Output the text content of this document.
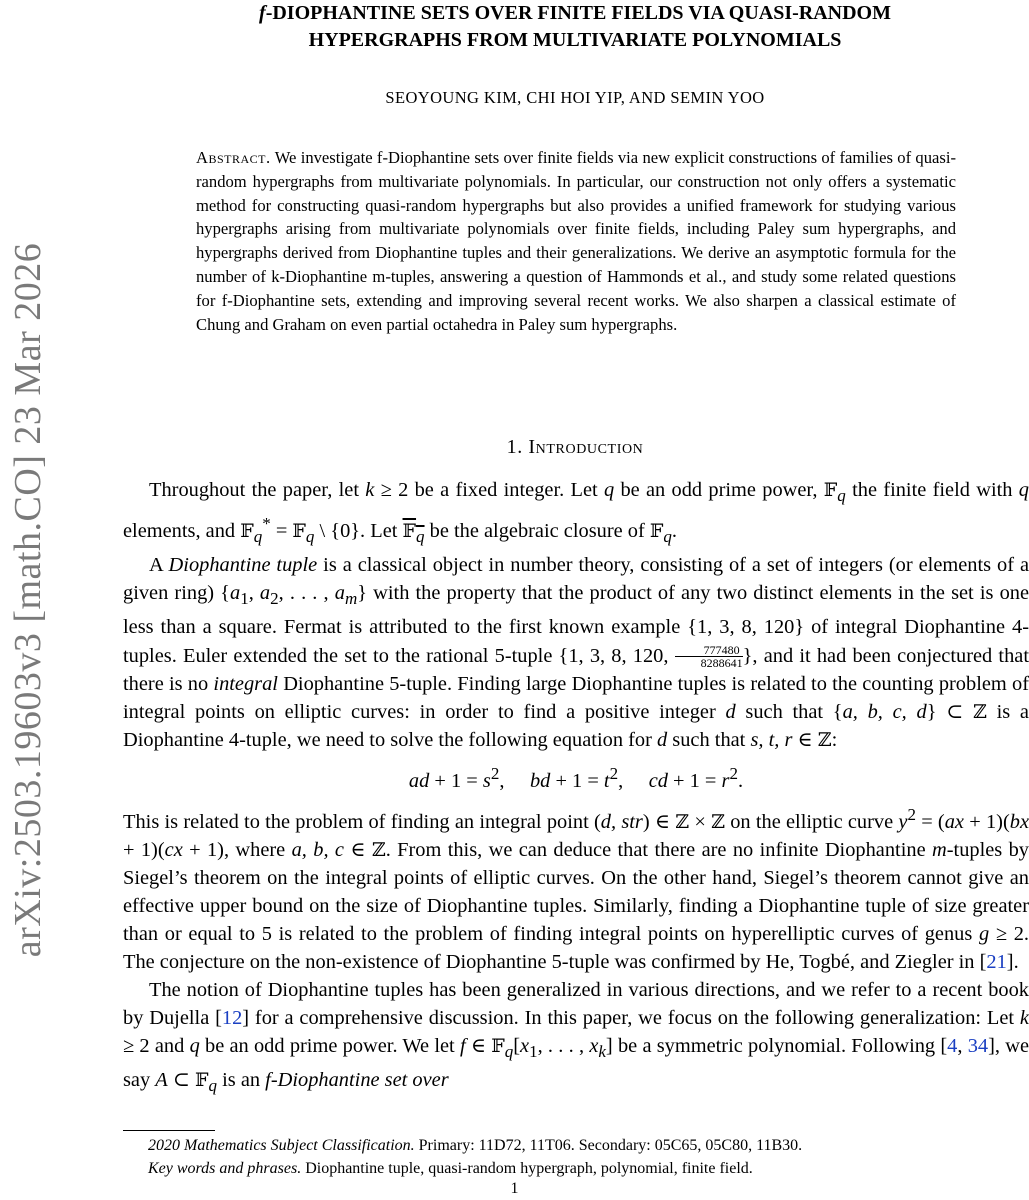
arXiv:2503.19603v3 [math.CO] 23 Mar 2026
f-DIOPHANTINE SETS OVER FINITE FIELDS VIA QUASI-RANDOM
HYPERGRAPHS FROM MULTIVARIATE POLYNOMIALS
SEOYOUNG KIM, CHI HOI YIP, AND SEMIN YOO
Abstract. We investigate f-Diophantine sets over finite fields via new explicit constructions of families of quasi-random hypergraphs from multivariate polynomials. In particular, our construction not only offers a systematic method for constructing quasi-random hypergraphs but also provides a unified framework for studying various hypergraphs arising from multivariate polynomials over finite fields, including Paley sum hypergraphs, and hypergraphs derived from Diophantine tuples and their generalizations. We derive an asymptotic formula for the number of k-Diophantine m-tuples, answering a question of Hammonds et al., and study some related questions for f-Diophantine sets, extending and improving several recent works. We also sharpen a classical estimate of Chung and Graham on even partial octahedra in Paley sum hypergraphs.
1. Introduction

Throughout the paper, let k ≥ 2 be a fixed integer. Let q be an odd prime power, 𝔽$_q$ the finite field with q elements, and 𝔽$_q$* = 𝔽$_q$ \ {0}. Let 𝔽$_q$ be the algebraic closure of 𝔽$_q$.

A Diophantine tuple is a classical object in number theory, consisting of a set of integers (or elements of a given ring) {$a_1$, $a_2$, . . . , $a_m$} with the property that the product of any two distinct elements in the set is one less than a square. Fermat is attributed to the first known example {1, 3, 8, 120} of integral Diophantine 4-tuples. Euler extended the set to the rational 5-tuple {1, 3, 8, 120, $\frac{777480}{8288641}$ }, and it had been conjectured that there is no integral Diophantine 5-tuple. Finding large Diophantine tuples is related to the counting problem of integral points on elliptic curves: in order to find a positive integer d such that {a, b, c, d} ⊂ ℤ is a Diophantine 4-tuple, we need to solve the following equation for d such that s, t, r ∈ ℤ:

ad + $1 = s^2$,     bd + $1 = t^2$,     cd + $1 = r^2$.

This is related to the problem of finding an integral point (d, str) ∈ ℤ × ℤ on the elliptic curve $y^2 = (ax + 1)(bx + 1)(cx + 1)$, where a, b, c ∈ ℤ. From this, we can deduce that there are no infinite Diophantine m-tuples by Siegel’s theorem on the integral points of elliptic curves. On the other hand, Siegel’s theorem cannot give an effective upper bound on the size of Diophantine tuples. Similarly, finding a Diophantine tuple of size greater than or equal to 5 is related to the problem of finding integral points on hyperelliptic curves of genus g ≥ 2. The conjecture on the non-existence of Diophantine 5-tuple was confirmed by He, Togbé, and Ziegler in [21].

The notion of Diophantine tuples has been generalized in various directions, and we refer to a recent book by Dujella [12] for a comprehensive discussion. In this paper, we focus on the following generalization: Let k ≥ 2 and q be an odd prime power. We let f ∈ $𝔽_q[x_1$, . . . , $x_k$] be a symmetric polynomial. Following [4, 34], we say A ⊂ 𝔽$_q$ is an f-Diophantine set over

2020 Mathematics Subject Classification. Primary: 11D72, 11T06. Secondary: 05C65, 05C80, 11B30.
Key words and phrases. Diophantine tuple, quasi-random hypergraph, polynomial, finite field.
1
